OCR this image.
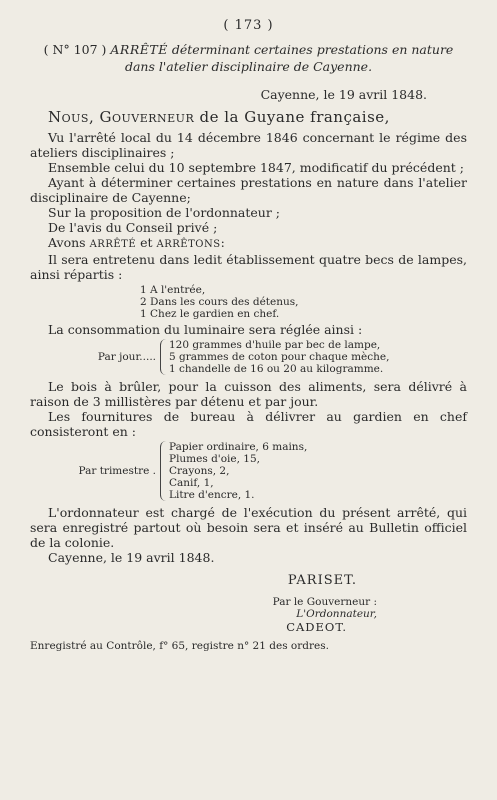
( 173 )
( N° 107 ) ARRÊTÉ déterminant certaines prestations en nature dans l'atelier disciplinaire de Cayenne.
Cayenne, le 19 avril 1848.
Nous, Gouverneur de la Guyane française,

Vu l'arrêté local du 14 décembre 1846 concernant le régime des ateliers disciplinaires ;

Ensemble celui du 10 septembre 1847, modificatif du précédent ;

Ayant à déterminer certaines prestations en nature dans l'atelier disciplinaire de Cayenne;

Sur la proposition de l'ordonnateur ;

De l'avis du Conseil privé ;

Avons ARRÊTÉ et ARRÊTONS:

Il sera entretenu dans ledit établissement quatre becs de lampes, ainsi répartis :

1 A l'entrée,
2 Dans les cours des détenus,
1 Chez le gardien en chef.

La consommation du luminaire sera réglée ainsi :

Par jour.....
120 grammes d'huile par bec de lampe,
5 grammes de coton pour chaque mèche,
1 chandelle de 16 ou 20 au kilogramme.

Le bois à brûler, pour la cuisson des aliments, sera délivré à raison de 3 millistères par détenu et par jour.

Les fournitures de bureau à délivrer au gardien en chef consisteront en :

Par trimestre .
Papier ordinaire, 6 mains,
Plumes d'oie, 15,
Crayons, 2,
Canif, 1,
Litre d'encre, 1.

L'ordonnateur est chargé de l'exécution du présent arrêté, qui sera enregistré partout où besoin sera et inséré au Bulletin officiel de la colonie.

Cayenne, le 19 avril 1848.

PARISET.
Par le Gouverneur :
L'Ordonnateur,
CADEOT.
Enregistré au Contrôle, f° 65, registre n° 21 des ordres.
